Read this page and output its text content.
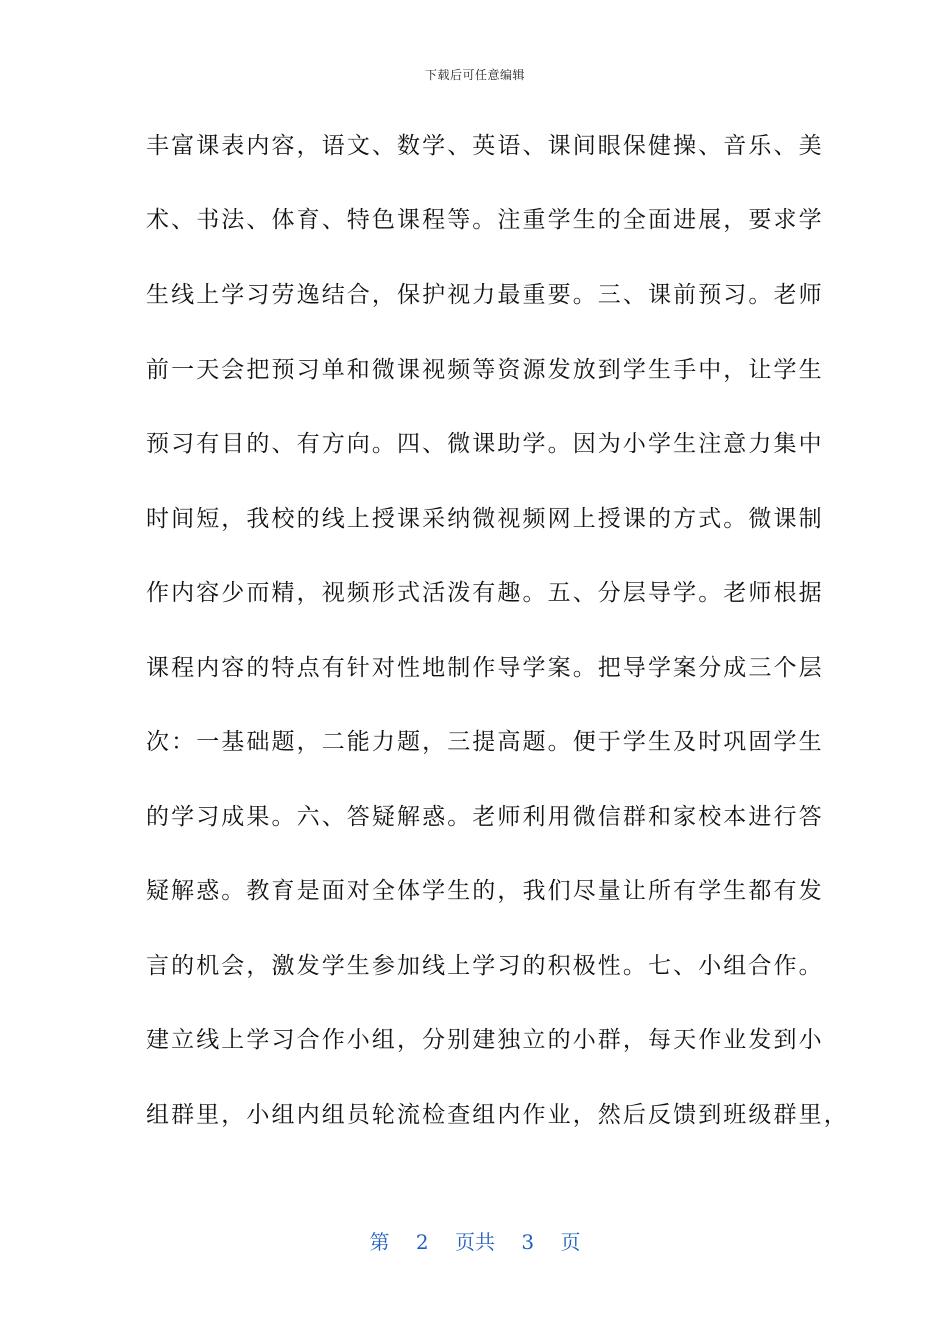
下载后可任意编辑
丰富课表内容，语文、数学、英语、课间眼保健操、音乐、美
术、书法、体育、特色课程等。注重学生的全面进展，要求学
生线上学习劳逸结合，保护视力最重要。三、课前预习。老师
前一天会把预习单和微课视频等资源发放到学生手中，让学生
预习有目的、有方向。四、微课助学。因为小学生注意力集中
时间短，我校的线上授课采纳微视频网上授课的方式。微课制
作内容少而精，视频形式活泼有趣。五、分层导学。老师根据
课程内容的特点有针对性地制作导学案。把导学案分成三个层
次：一基础题，二能力题，三提高题。便于学生及时巩固学生
的学习成果。六、答疑解惑。老师利用微信群和家校本进行答
疑解惑。教育是面对全体学生的，我们尽量让所有学生都有发
言的机会，激发学生参加线上学习的积极性。七、小组合作。
建立线上学习合作小组，分别建独立的小群，每天作业发到小
组群里，小组内组员轮流检查组内作业，然后反馈到班级群里，
第 2 页共 3 页
